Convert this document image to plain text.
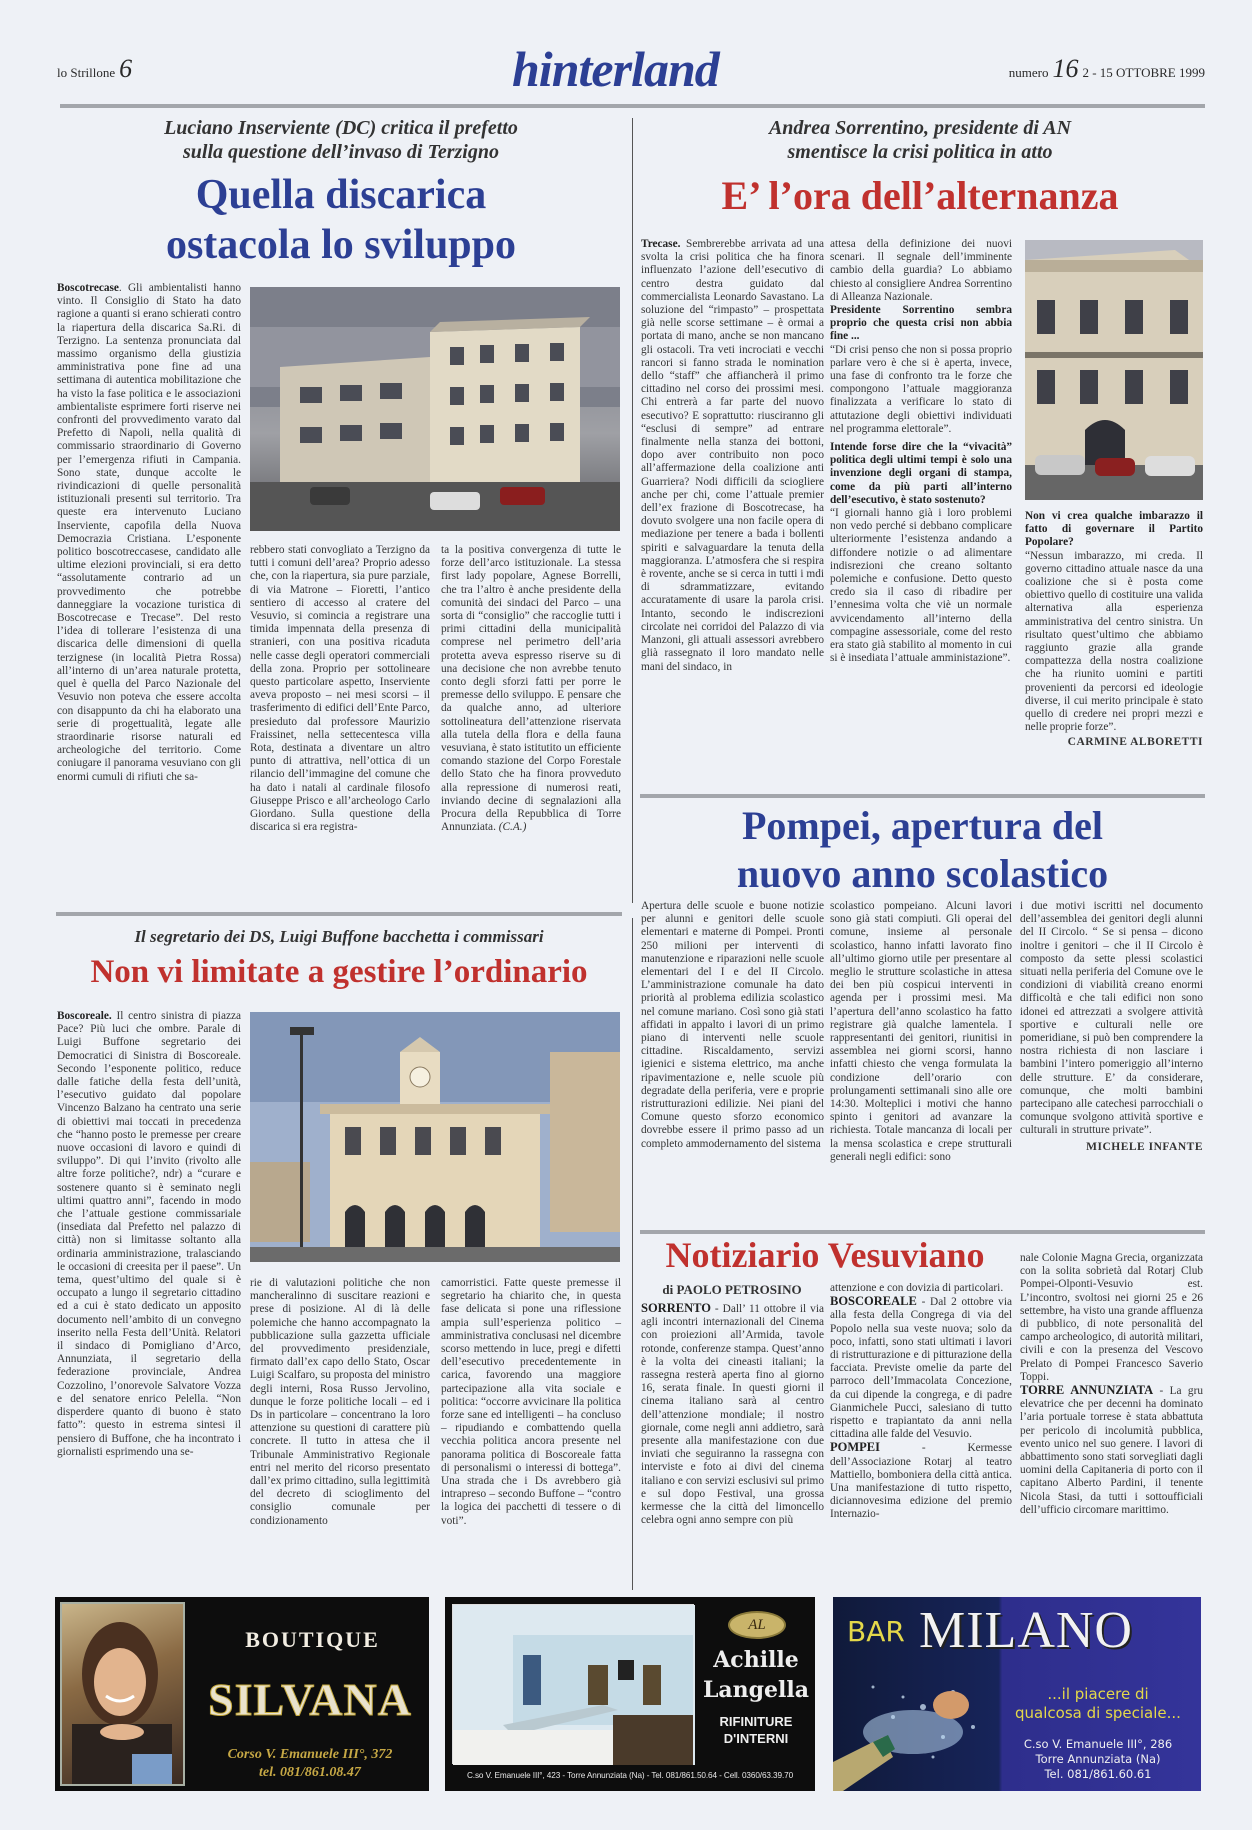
lo Strillone 6	hinterland	numero 16 2 - 15 OTTOBRE 1999
Luciano Inserviente (DC) critica il prefetto
sulla questione dell’invaso di Terzigno
Quella discarica
ostacola lo sviluppo
Boscotrecase. Gli ambientalisti hanno vinto. Il Consiglio di Stato ha dato ragione a quanti si erano schierati contro la riapertura della discarica Sa.Ri. di Terzigno. La sentenza pronunciata dal massimo organismo della giustizia amministrativa pone fine ad una settimana di autentica mobilitazione che ha visto la fase politica e le associazioni ambientaliste esprimere forti riserve nei confronti del provvedimento varato dal Prefetto di Napoli, nella qualità di commissario straordinario di Governo per l’emergenza rifiuti in Campania. Sono state, dunque accolte le rivindicazioni di quelle personalità istituzionali presenti sul territorio. Tra queste era intervenuto Luciano Inserviente, capofila della Nuova Democrazia Cristiana. L’esponente politico boscotreccasese, candidato alle ultime elezioni provinciali, si era detto “assolutamente contrario ad un provvedimento che potrebbe danneggiare la vocazione turistica di Boscotrecase e Trecase”. Del resto l’idea di tollerare l’esistenza di una discarica delle dimensioni di quella terzignese (in località Pietra Rossa) all’interno di un’area naturale protetta, quel è quella del Parco Nazionale del Vesuvio non poteva che essere accolta con disappunto da chi ha elaborato una serie di progettualità, legate alle straordinarie risorse naturali ed archeologiche del territorio. Come coniugare il panorama vesuviano con gli enormi cumuli di rifiuti che sa-
rebbero stati convogliato a Terzigno da tutti i comuni dell’area? Proprio adesso che, con la riapertura, sia pure parziale, di via Matrone – Fioretti, l’antico sentiero di accesso al cratere del Vesuvio, si comincia a registrare una timida impennata della presenza di stranieri, con una positiva ricaduta nelle casse degli operatori commerciali della zona. Proprio per sottolineare questo particolare aspetto, Inserviente aveva proposto – nei mesi scorsi – il trasferimento di edifici dell’Ente Parco, presieduto dal professore Maurizio Fraissinet, nella settecentesca villa Rota, destinata a diventare un altro punto di attrattiva, nell’ottica di un rilancio dell’immagine del comune che ha dato i natali al cardinale filosofo Giuseppe Prisco e all’archeologo Carlo Giordano. Sulla questione della discarica si era registra-
ta la positiva convergenza di tutte le forze dell’arco istituzionale. La stessa first lady popolare, Agnese Borrelli, che tra l’altro è anche presidente della comunità dei sindaci del Parco – una sorta di “consiglio” che raccoglie tutti i primi cittadini della municipalità comprese nel perimetro dell’aria protetta aveva espresso riserve su di una decisione che non avrebbe tenuto conto degli sforzi fatti per porre le premesse dello sviluppo. E pensare che da qualche anno, ad ulteriore sottolineatura dell’attenzione riservata alla tutela della flora e della fauna vesuviana, è stato istitutito un efficiente comando stazione del Corpo Forestale dello Stato che ha finora provveduto alla repressione di numerosi reati, inviando decine di segnalazioni alla Procura della Repubblica di Torre Annunziata. (C.A.)
Andrea Sorrentino, presidente di AN
smentisce la crisi politica in atto
E’ l’ora dell’alternanza
Trecase. Sembrerebbe arrivata ad una svolta la crisi politica che ha finora influenzato l’azione dell’esecutivo di centro destra guidato dal commercialista Leonardo Savastano. La soluzione del “rimpasto” – prospettata già nelle scorse settimane – è ormai a portata di mano, anche se non mancano gli ostacoli. Tra veti incrociati e vecchi rancori si fanno strada le nomination dello “staff” che affiancherà il primo cittadino nel corso dei prossimi mesi. Chi entrerà a far parte del nuovo esecutivo? E soprattutto: riusciranno gli “esclusi di sempre” ad entrare finalmente nella stanza dei bottoni, dopo aver contribuito non poco all’affermazione della coalizione anti Guarriera? Nodi difficili da sciogliere anche per chi, come l’attuale premier dell’ex frazione di Boscotrecase, ha dovuto svolgere una non facile opera di mediazione per tenere a bada i bollenti spiriti e salvaguardare la tenuta della maggioranza. L’atmosfera che si respira è rovente, anche se si cerca in tutti i mdi di sdrammatizzare, evitando accuratamente di usare la parola crisi. Intanto, secondo le indiscrezioni circolate nei corridoi del Palazzo di via Manzoni, gli attuali assessori avrebbero glià rassegnato il loro mandato nelle mani del sindaco, in
attesa della definizione dei nuovi scenari. Il segnale dell’imminente cambio della guardia? Lo abbiamo chiesto al consigliere Andrea Sorrentino di Alleanza Nazionale.
Presidente Sorrentino sembra proprio che questa crisi non abbia fine ...
“Di crisi penso che non si possa proprio parlare vero è che si è aperta, invece, una fase di confronto tra le forze che compongono l’attuale maggioranza finalizzata a verificare lo stato di attutazione degli obiettivi individuati nel programma elettorale”.
Intende forse dire che la “vivacità” politica degli ultimi tempi è solo una invenzione degli organi di stampa, come da più parti all’interno dell’esecutivo, è stato sostenuto?
“I giornali hanno già i loro problemi non vedo perché si debbano complicare ulteriormente l’esistenza andando a diffondere notizie o ad alimentare indisrezioni che creano soltanto polemiche e confusione. Detto questo credo sia il caso di ribadire per l’ennesima volta che viè un normale avvicendamento all’interno della compagine assessoriale, come del resto era stato già stabilito al momento in cui si è insediata l’attuale amministazione”.
Non vi crea qualche imbarazzo il fatto di governare il Partito Popolare?
“Nessun imbarazzo, mi creda. Il governo cittadino attuale nasce da una coalizione che si è posta come obiettivo quello di costituire una valida alternativa alla esperienza amministrativa del centro sinistra. Un risultato quest’ultimo che abbiamo raggiunto grazie alla grande compattezza della nostra coalizione che ha riunito uomini e partiti provenienti da percorsi ed ideologie diverse, il cui merito principale è stato quello di credere nei propri mezzi e nelle proprie forze”.
CARMINE ALBORETTI
Pompei, apertura del
nuovo anno scolastico
Apertura delle scuole e buone notizie per alunni e genitori delle scuole elementari e materne di Pompei. Pronti 250 milioni per interventi di manutenzione e riparazioni nelle scuole elementari del I e del II Circolo. L’amministrazione comunale ha dato priorità al problema edilizia scolastico nel comune mariano. Così sono già stati affidati in appalto i lavori di un primo piano di interventi nelle scuole cittadine. Riscaldamento, servizi igienici e sistema elettrico, ma anche ripavimentazione e, nelle scuole più degradate della periferia, vere e proprie ristrutturazioni edilizie. Nei piani del Comune questo sforzo economico dovrebbe essere il primo passo ad un completo ammodernamento del sistema
scolastico pompeiano. Alcuni lavori sono già stati compiuti. Gli operai del comune, insieme al personale scolastico, hanno infatti lavorato fino all’ultimo giorno utile per presentare al meglio le strutture scolastiche in attesa dei ben più cospicui interventi in agenda per i prossimi mesi. Ma l’apertura dell’anno scolastico ha fatto registrare già qualche lamentela. I rappresentanti dei genitori, riunitisi in assemblea nei giorni scorsi, hanno infatti chiesto che venga formulata la condizione dell’orario con prolungamenti settimanali sino alle ore 14:30. Molteplici i motivi che hanno spinto i genitori ad avanzare la richiesta. Totale mancanza di locali per la mensa scolastica e crepe strutturali generali negli edifici: sono
i due motivi iscritti nel documento dell’assemblea dei genitori degli alunni del II Circolo. “ Se si pensa – dicono inoltre i genitori – che il II Circolo è composto da sette plessi scolastici situati nella periferia del Comune ove le condizioni di viabilità creano enormi difficoltà e che tali edifici non sono idonei ed attrezzati a svolgere attività sportive e culturali nelle ore pomeridiane, si può ben comprendere la nostra richiesta di non lasciare i bambini l’intero pomeriggio all’interno delle strutture. E’ da considerare, comunque, che molti bambini partecipano alle catechesi parrocchiali o comunque svolgono attività sportive e culturali in strutture private”.
MICHELE INFANTE
Notiziario Vesuviano
di PAOLO PETROSINO
SORRENTO - Dall’ 11 ottobre il via agli incontri internazionali del Cinema con proiezioni all’Armida, tavole rotonde, conferenze stampa. Quest’anno è la volta dei cineasti italiani; la rassegna resterà aperta fino al giorno 16, serata finale. In questi giorni il cinema italiano sarà al centro dell’attenzione mondiale; il nostro giornale, come negli anni addietro, sarà presente alla manifestazione con due inviati che seguiranno la rassegna con interviste e foto ai divi del cinema italiano e con servizi esclusivi sul primo e sul dopo Festival, una grossa kermesse che la città del limoncello celebra ogni anno sempre con più
attenzione e con dovizia di particolari.
BOSCOREALE - Dal 2 ottobre via alla festa della Congrega di via del Popolo nella sua veste nuova; solo da poco, infatti, sono stati ultimati i lavori di ristrutturazione e di pitturazione della facciata. Previste omelie da parte del parroco dell’Immacolata Concezione, da cui dipende la congrega, e di padre Gianmichele Pucci, salesiano di tutto rispetto e trapiantato da anni nella cittadina alle falde del Vesuvio.
POMPEI - Kermesse dell’Associazione Rotarj al teatro Mattiello, bomboniera della città antica. Una manifestazione di tutto rispetto, diciannovesima edizione del premio Internazio-
nale Colonie Magna Grecia, organizzata con la solita sobrietà dal Rotarj Club Pompei-Olponti-Vesuvio est. L’incontro, svoltosi nei giorni 25 e 26 settembre, ha visto una grande affluenza di pubblico, di note personalità del campo archeologico, di autorità militari, civili e con la presenza del Vescovo Prelato di Pompei Francesco Saverio Toppi.
TORRE ANNUNZIATA - La gru elevatrice che per decenni ha dominato l’aria portuale torrese è stata abbattuta per pericolo di incolumità pubblica, evento unico nel suo genere. I lavori di abbattimento sono stati sorvegliati dagli uomini della Capitaneria di porto con il capitano Alberto Pardini, il tenente Nicola Stasi, da tutti i sottoufficiali dell’ufficio circomare marittimo.
Il segretario dei DS, Luigi Buffone bacchetta i commissari
Non vi limitate a gestire l’ordinario
Boscoreale. Il centro sinistra di piazza Pace? Più luci che ombre. Parale di Luigi Buffone segretario dei Democratici di Sinistra di Boscoreale. Secondo l’esponente politico, reduce dalle fatiche della festa dell’unità, l’esecutivo guidato dal popolare Vincenzo Balzano ha centrato una serie di obiettivi mai toccati in precedenza che “hanno posto le premesse per creare nuove occasioni di lavoro e quindi di sviluppo”. Di qui l’invito (rivolto alle altre forze politiche?, ndr) a “curare e sostenere quanto si è seminato negli ultimi quattro anni”, facendo in modo che l’attuale gestione commissariale (insediata dal Prefetto nel palazzo di città) non si limitasse soltanto alla ordinaria amministrazione, tralasciando le occasioni di creesita per il paese”. Un tema, quest’ultimo del quale si è occupato a lungo il segretario cittadino ed a cui è stato dedicato un apposito documento nell’ambito di un convegno inserito nella Festa dell’Unità. Relatori il sindaco di Pomigliano d’Arco, Annunziata, il segretario della federazione provinciale, Andrea Cozzolino, l’onorevole Salvatore Vozza e del senatore enrico Pelella. “Non disperdere quanto di buono è stato fatto”: questo in estrema sintesi il pensiero di Buffone, che ha incontrato i giornalisti esprimendo una se-
rie di valutazioni politiche che non mancheralinno di suscitare reazioni e prese di posizione. Al di là delle polemiche che hanno accompagnato la pubblicazione sulla gazzetta ufficiale del provvedimento presidenziale, firmato dall’ex capo dello Stato, Oscar Luigi Scalfaro, su proposta del ministro degli interni, Rosa Russo Jervolino, dunque le forze politiche locali – ed i Ds in particolare – concentrano la loro attenzione su questioni di carattere più concrete. Il tutto in attesa che il Tribunale Amministrativo Regionale entri nel merito del ricorso presentato dall’ex primo cittadino, sulla legittimità del decreto di scioglimento del consiglio comunale per condizionamento
camorristici. Fatte queste premesse il segretario ha chiarito che, in questa fase delicata si pone una riflessione ampia sull’esperienza politico – amministrativa conclusasi nel dicembre scorso mettendo in luce, pregi e difetti dell’esecutivo precedentemente in carica, favorendo una maggiore partecipazione alla vita sociale e politica: “occorre avvicinare lla politica forze sane ed intelligenti – ha concluso – ripudiando e combattendo quella vecchia politica ancora presente nel panorama politica di Boscoreale fatta di personalismi o interessi di bottega”. Una strada che i Ds avrebbero già intrapreso – secondo Buffone – “contro la logica dei pacchetti di tessere o di voti”.
BOUTIQUE
SILVANA
Corso V. Emanuele III°, 372
tel. 081/861.08.47
AL
Achille
Langella
RIFINITURE
D'INTERNI
C.so V. Emanuele III°, 423 - Torre Annunziata (Na) - Tel. 081/861.50.64 - Cell. 0360/63.39.70
BAR MILANO
...il piacere di
qualcosa di speciale...
C.so V. Emanuele III°, 286
Torre Annunziata (Na)
Tel. 081/861.60.61
